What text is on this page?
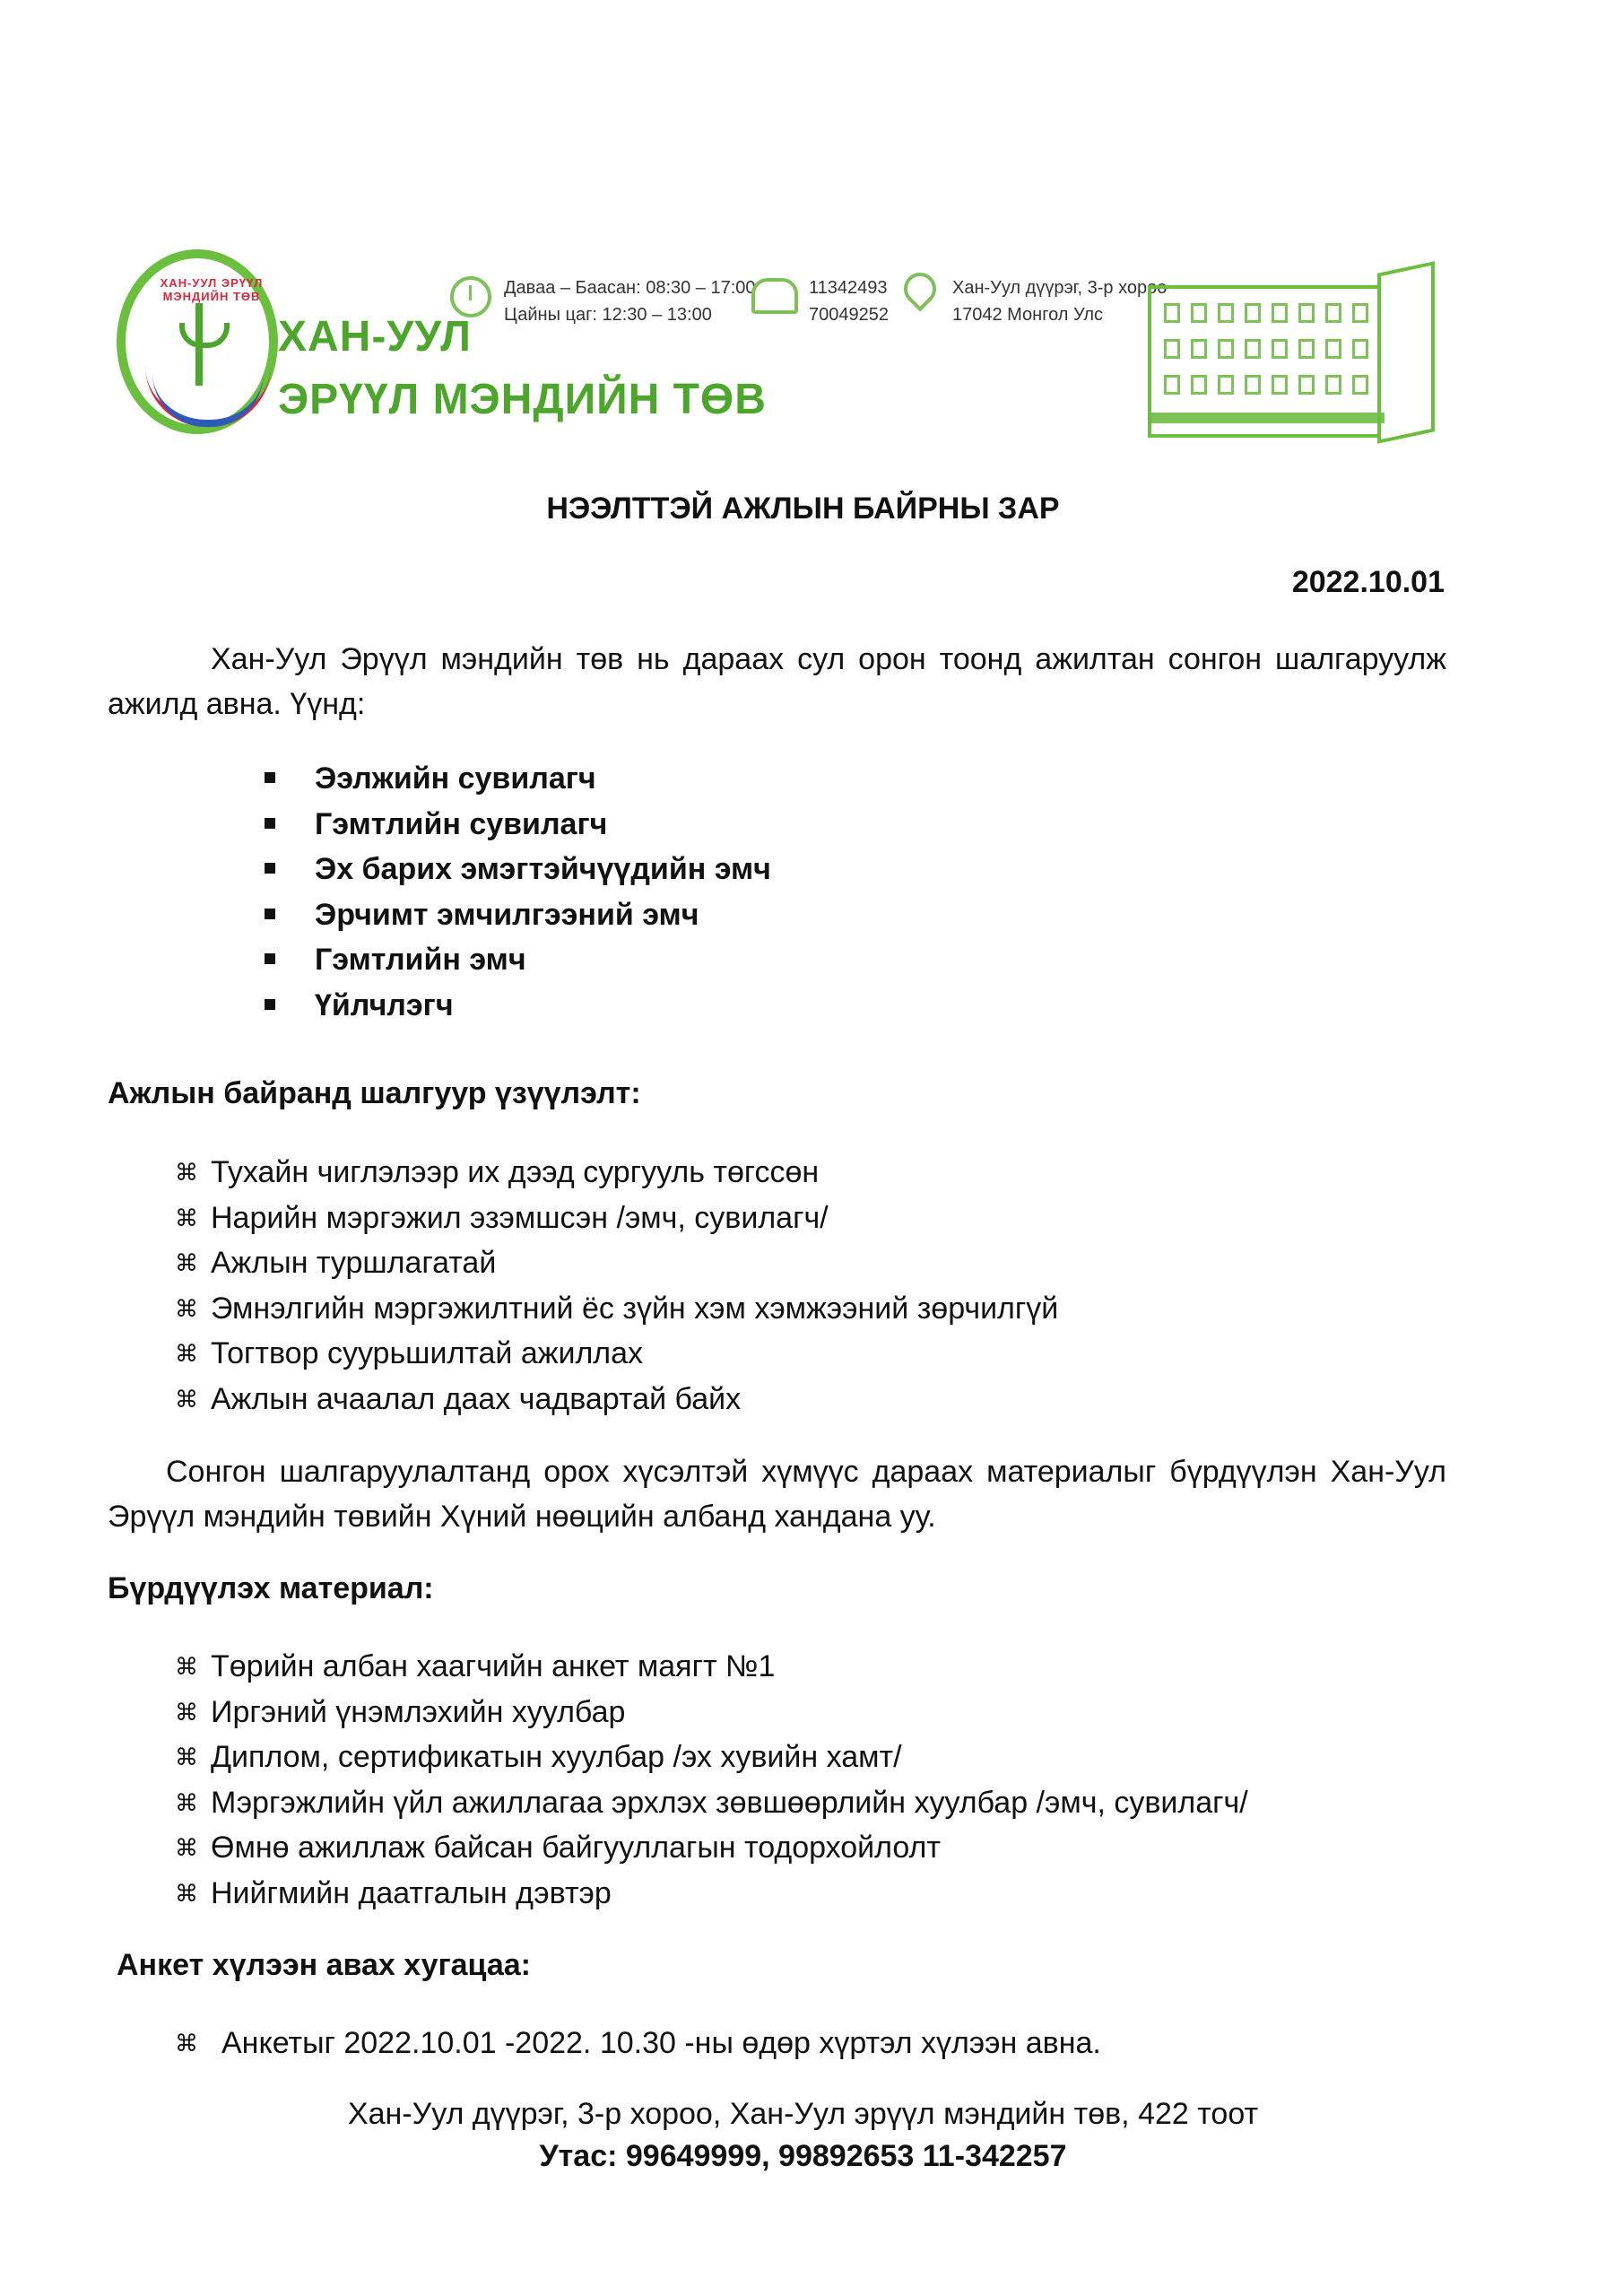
ХАН-УУЛ ЭРҮҮЛ МЭНДИЙН ТӨВ
ХАН-УУЛ
ЭРҮҮЛ МЭНДИЙН ТӨВ
Даваа – Баасан: 08:30 – 17:00
Цайны цаг: 12:30 – 13:00
11342493
70049252
Хан-Уул дүүрэг, 3-р хороо
17042 Монгол Улс
НЭЭЛТТЭЙ АЖЛЫН БАЙРНЫ ЗАР
2022.10.01
Хан-Уул Эрүүл мэндийн төв нь дараах сул орон тоонд ажилтан сонгон шалгаруулж ажилд авна. Үүнд:
Ээлжийн сувилагч
Гэмтлийн сувилагч
Эх барих эмэгтэйчүүдийн эмч
Эрчимт эмчилгээний эмч
Гэмтлийн эмч
Үйлчлэгч
Ажлын байранд шалгуур үзүүлэлт:
⌘ Тухайн чиглэлээр их дээд сургууль төгссөн
⌘ Нарийн мэргэжил эзэмшсэн /эмч, сувилагч/
⌘ Ажлын туршлагатай
⌘ Эмнэлгийн мэргэжилтний ёс зүйн хэм хэмжээний зөрчилгүй
⌘ Тогтвор суурьшилтай ажиллах
⌘ Ажлын ачаалал даах чадвартай байх
Сонгон шалгаруулалтанд орох хүсэлтэй хүмүүс дараах материалыг бүрдүүлэн Хан-Уул Эрүүл мэндийн төвийн Хүний нөөцийн албанд хандана уу.
Бүрдүүлэх материал:
⌘ Төрийн албан хаагчийн анкет маягт №1
⌘ Иргэний үнэмлэхийн хуулбар
⌘ Диплом, сертификатын хуулбар /эх хувийн хамт/
⌘ Мэргэжлийн үйл ажиллагаа эрхлэх зөвшөөрлийн хуулбар /эмч, сувилагч/
⌘ Өмнө ажиллаж байсан байгууллагын тодорхойлолт
⌘ Нийгмийн даатгалын дэвтэр
Анкет хүлээн авах хугацаа:
⌘ Анкетыг 2022.10.01 -2022. 10.30 -ны өдөр хүртэл хүлээн авна.
Хан-Уул дүүрэг, 3-р хороо, Хан-Уул эрүүл мэндийн төв, 422 тоот
Утас: 99649999, 99892653 11-342257
